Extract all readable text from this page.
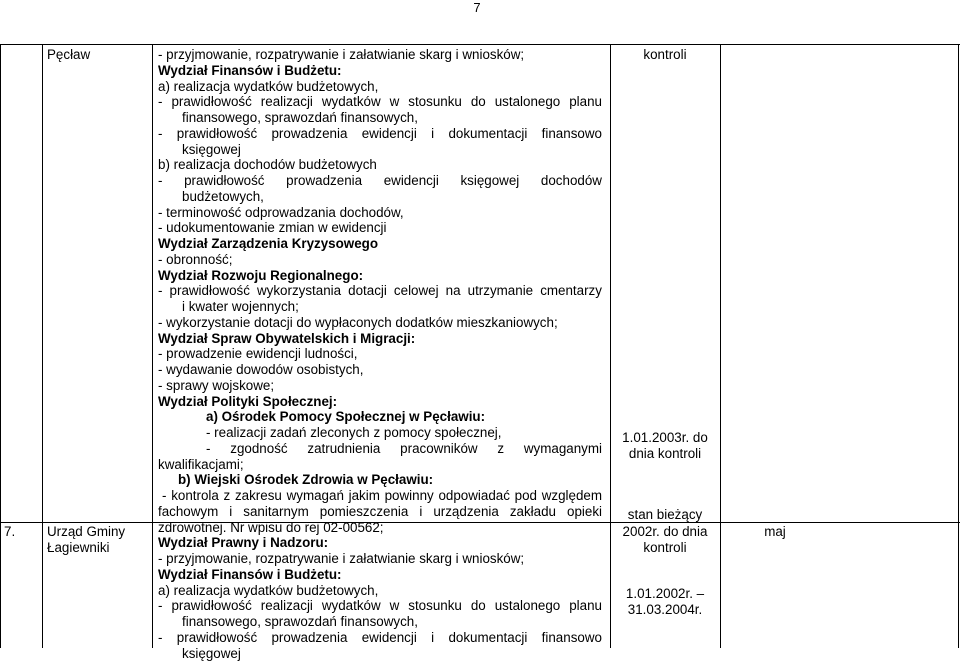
7
Pęcław	kontroli
1.01.2003r. do
dnia kontroli
stan bieżący
7. Urząd Gminy
Łagiewniki
2002r. do dnia
kontroli
1.01.2002r. –
31.03.2004r.
maj
- przyjmowanie, rozpatrywanie i załatwianie skarg i wniosków;
Wydział Finansów i Budżetu:
a) realizacja wydatków budżetowych,
- prawidłowość realizacji wydatków w stosunku do ustalonego planu
finansowego, sprawozdań finansowych,
- prawidłowość prowadzenia ewidencji i dokumentacji finansowo
księgowej
b) realizacja dochodów budżetowych
- prawidłowość prowadzenia ewidencji księgowej dochodów
budżetowych,
- terminowość odprowadzania dochodów,
- udokumentowanie zmian w ewidencji
Wydział Zarządzenia Kryzysowego
- obronność;
Wydział Rozwoju Regionalnego:
- prawidłowość wykorzystania dotacji celowej na utrzymanie cmentarzy
i kwater wojennych;
- wykorzystanie dotacji do wypłaconych dodatków mieszkaniowych;
Wydział Spraw Obywatelskich i Migracji:
- prowadzenie ewidencji ludności,
- wydawanie dowodów osobistych,
- sprawy wojskowe;
Wydział Polityki Społecznej:
a) Ośrodek Pomocy Społecznej w Pęcławiu:
- realizacji zadań zleconych z pomocy społecznej,
- zgodność zatrudnienia pracowników z wymaganymi
kwalifikacjami;
b) Wiejski Ośrodek Zdrowia w Pęcławiu:
- kontrola z zakresu wymagań jakim powinny odpowiadać pod względem
fachowym i sanitarnym pomieszczenia i urządzenia zakładu opieki
zdrowotnej. Nr wpisu do rej 02-00562;
Wydział Prawny i Nadzoru:
- przyjmowanie, rozpatrywanie i załatwianie skarg i wniosków;
Wydział Finansów i Budżetu:
a) realizacja wydatków budżetowych,
- prawidłowość realizacji wydatków w stosunku do ustalonego planu
finansowego, sprawozdań finansowych,
- prawidłowość prowadzenia ewidencji i dokumentacji finansowo
księgowej
